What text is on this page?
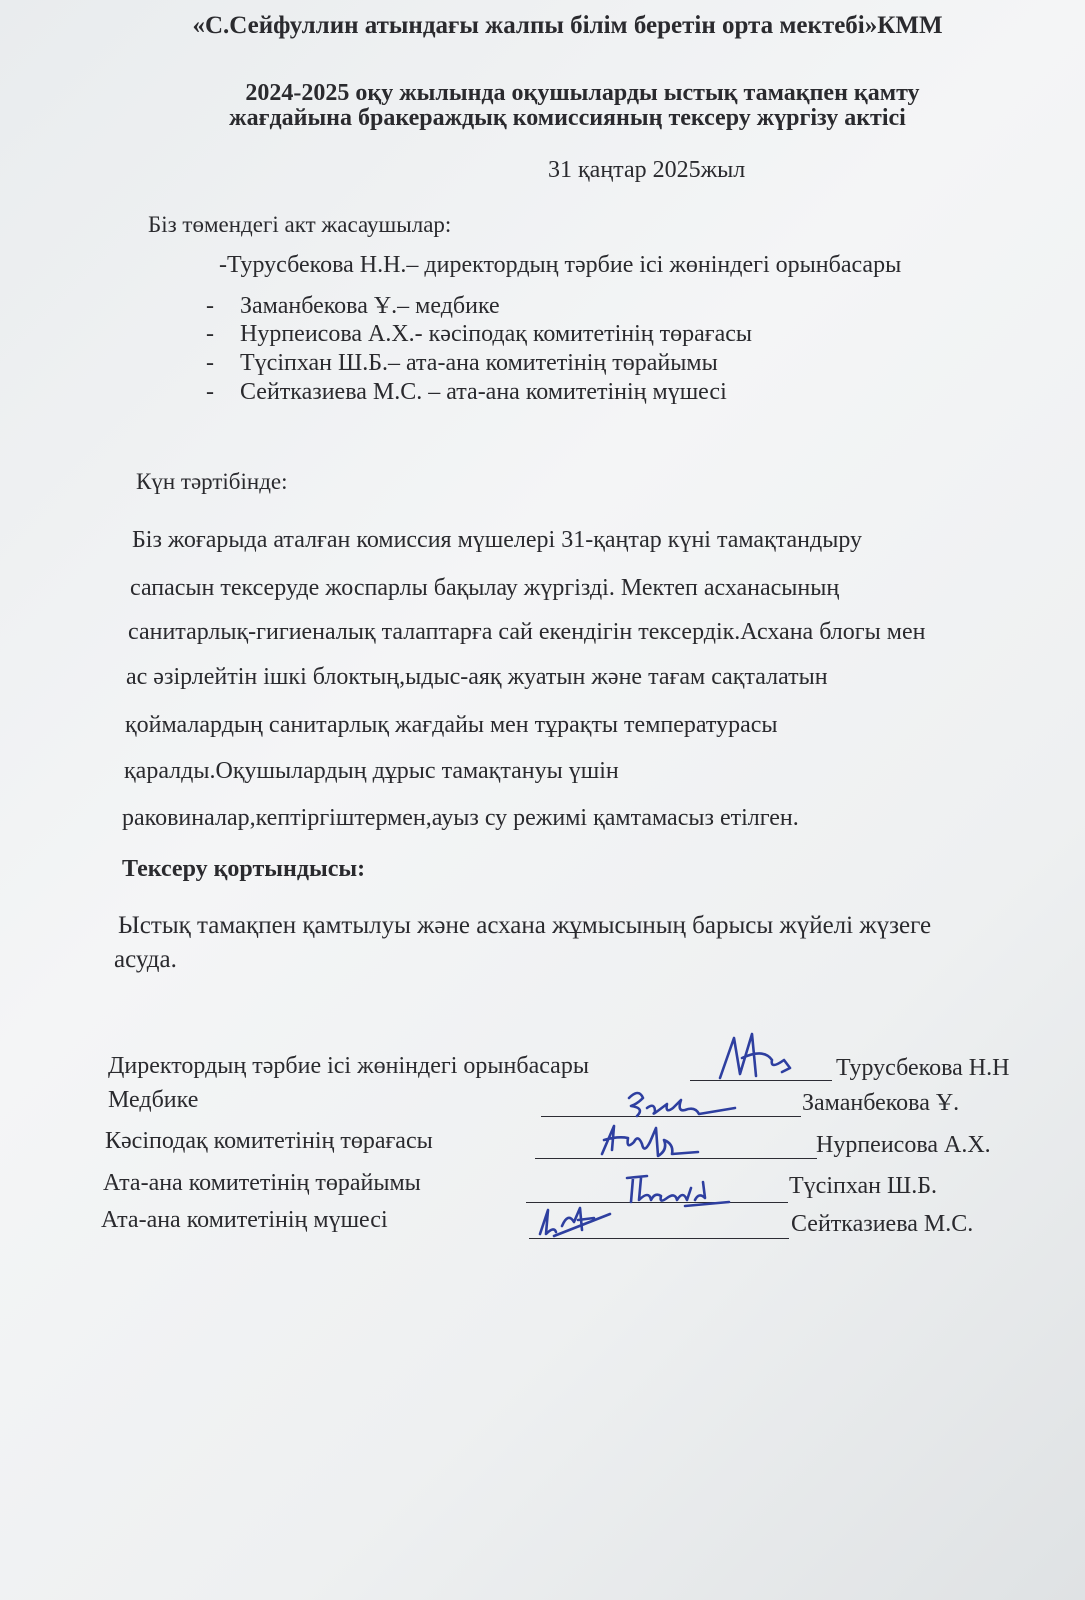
«С.Сейфуллин атындағы жалпы білім беретін орта мектебі»КММ
2024-2025 оқу жылында оқушыларды ыстық тамақпен қамту
жағдайына бракераждық комиссияның тексеру жүргізу актісі
31 қаңтар 2025жыл
Біз төмендегі акт жасаушылар:
-Турусбекова Н.Н.– директордың тәрбие ісі жөніндегі орынбасары
- Заманбекова Ұ.– медбике
- Нурпеисова А.Х.- кәсіподақ комитетінің төрағасы
- Түсіпхан Ш.Б.– ата-ана комитетінің төрайымы
- Сейтказиева М.С. – ата-ана комитетінің мүшесі
Күн тәртібінде:
Біз жоғарыда аталған комиссия мүшелері 31-қаңтар күні тамақтандыру
сапасын тексеруде жоспарлы бақылау жүргізді. Мектеп асханасының
санитарлық-гигиеналық талаптарға сай екендігін тексердік.Асхана блогы мен
ас әзірлейтін ішкі блоктың,ыдыс-аяқ жуатын және тағам сақталатын
қоймалардың санитарлық жағдайы мен тұрақты температурасы
қаралды.Оқушылардың дұрыс тамақтануы үшін
раковиналар,кептіргіштермен,ауыз су режимі қамтамасыз етілген.
Тексеру қортындысы:
Ыстық тамақпен қамтылуы және асхана жұмысының барысы жүйелі жүзеге
асуда.
Директордың тәрбие ісі жөніндегі орынбасары	Турусбекова Н.Н
Медбике	Заманбекова Ұ.
Кәсіподақ комитетінің төрағасы	Нурпеисова А.Х.
Ата-ана комитетінің төрайымы	Түсіпхан Ш.Б.
Ата-ана комитетінің мүшесі	Сейтказиева М.С.
